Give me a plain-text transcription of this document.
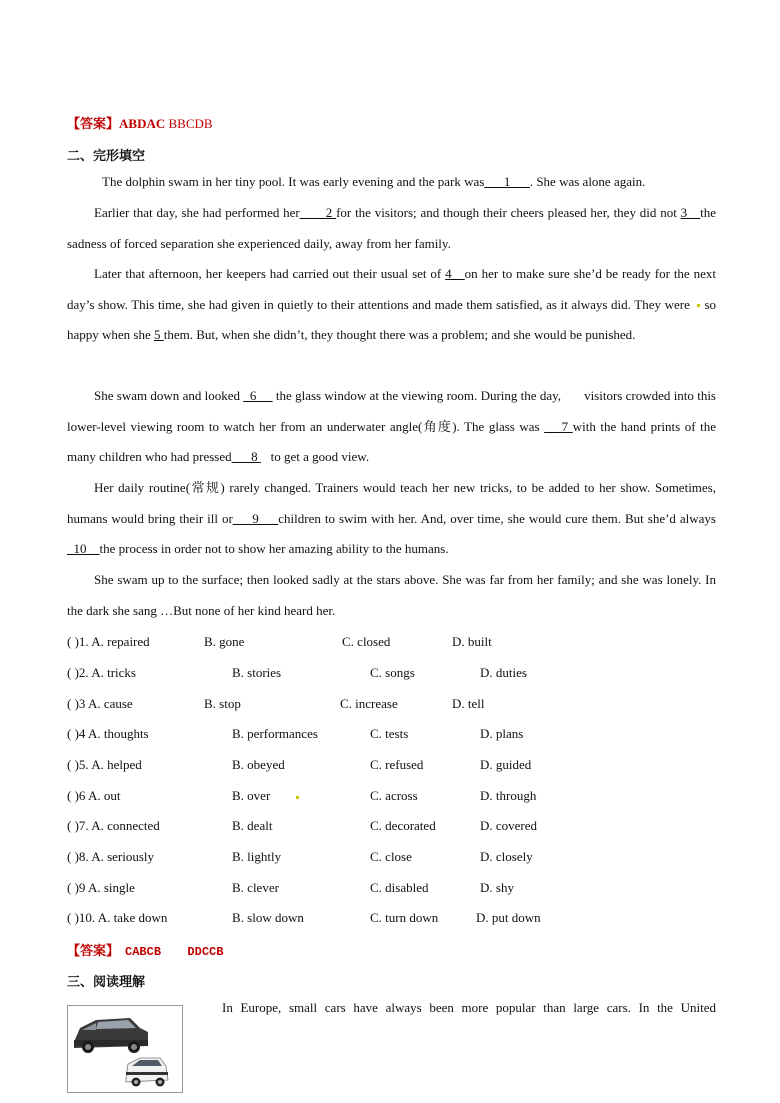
【答案】ABDAC BBCDB
二、完形填空

The dolphin swam in her tiny pool. It was early evening and the park was___1___. She was alone again.

Earlier that day, she had performed her____2 for the visitors; and though their cheers pleased her, they did not 3__the sadness of forced separation she experienced daily, away from her family.

Later that afternoon, her keepers had carried out their usual set of 4__on her to make sure she’d be ready for the next day’s show. This time, she had given in quietly to their attentions and made them satisfied, as it always did. They were so happy when she 5 them. But, when she didn’t, they thought there was a problem; and she would be punished.

She swam down and looked _6__  the glass window at the viewing room. During the day,       visitors crowded into this lower-level viewing room to watch her from an underwater angle(角度). The glass was  __7 with the hand prints of the many children who had pressed___8    to get a good view.

Her daily routine(常规) rarely changed. Trainers would teach her new tricks, to be added to her show. Sometimes, humans would bring their ill or___9___children to swim with her. And, over time, she would cure them. But she’d always _10__the process in order not to show her amazing ability to the humans.

She swam up to the surface; then looked sadly at the stars above. She was far from her family; and she was lonely. In the dark she sang …But none of her kind heard her.

( )1. A. repaired	B. gone	C. closed	D. built
( )2. A. tricks	B. stories	C. songs	D. duties
( )3 A. cause	B. stop	C. increase	D. tell
( )4 A. thoughts	B. performances	C. tests	D. plans
( )5. A. helped	B. obeyed	C. refused	D. guided
( )6 A. out	B. over	C. across	D. through
( )7. A. connected	B. dealt	C. decorated	D. covered
( )8. A. seriously	B. lightly	C. close	D. closely
( )9 A. single	B. clever	C. disabled	D. shy
( )10. A. take down	B. slow down	C. turn down	D. put down
【答案】 CABCB  DDCCB
三、阅读理解
In  Europe,  small  cars  have  always  been  more  popular  than  large  cars.  In  the  United
